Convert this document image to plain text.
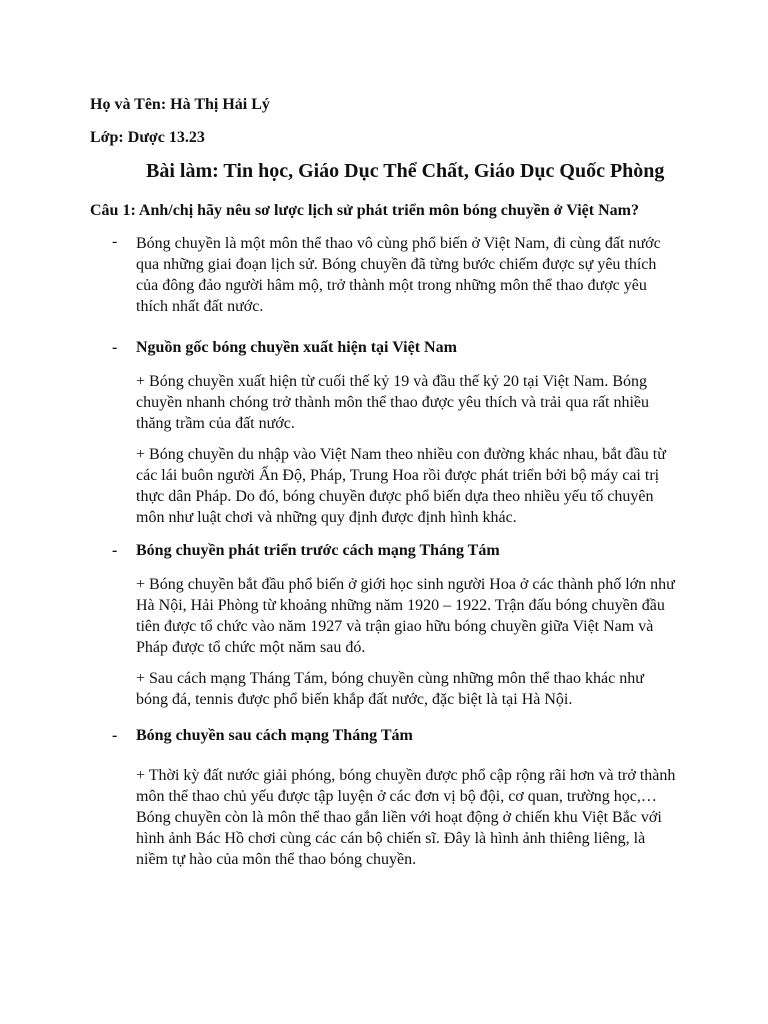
Họ và Tên: Hà Thị Hải Lý
Lớp: Dược 13.23
Bài làm: Tin học, Giáo Dục Thể Chất, Giáo Dục Quốc Phòng
Câu 1: Anh/chị hãy nêu sơ lược lịch sử phát triển môn bóng chuyền ở Việt Nam?
- Bóng chuyền là một môn thể thao vô cùng phổ biến ở Việt Nam, đi cùng đất nước qua những giai đoạn lịch sử. Bóng chuyền đã từng bước chiếm được sự yêu thích của đông đảo người hâm mộ, trở thành một trong những môn thể thao được yêu thích nhất đất nước.
- Nguồn gốc bóng chuyền xuất hiện tại Việt Nam
+ Bóng chuyền xuất hiện từ cuối thế kỷ 19 và đầu thế kỷ 20 tại Việt Nam. Bóng chuyền nhanh chóng trở thành môn thể thao được yêu thích và trải qua rất nhiều thăng trầm của đất nước.
+ Bóng chuyền du nhập vào Việt Nam theo nhiều con đường khác nhau, bắt đầu từ các lái buôn người Ấn Độ, Pháp, Trung Hoa rồi được phát triển bởi bộ máy cai trị thực dân Pháp. Do đó, bóng chuyền được phổ biến dựa theo nhiều yếu tố chuyên môn như luật chơi và những quy định được định hình khác.
- Bóng chuyền phát triển trước cách mạng Tháng Tám
+ Bóng chuyền bắt đầu phổ biến ở giới học sinh người Hoa ở các thành phố lớn như Hà Nội, Hải Phòng từ khoảng những năm 1920 – 1922. Trận đấu bóng chuyền đầu tiên được tổ chức vào năm 1927 và trận giao hữu bóng chuyền giữa Việt Nam và Pháp được tổ chức một năm sau đó.
+ Sau cách mạng Tháng Tám, bóng chuyền cùng những môn thể thao khác như bóng đá, tennis được phổ biến khắp đất nước, đặc biệt là tại Hà Nội.
- Bóng chuyền sau cách mạng Tháng Tám
+ Thời kỳ đất nước giải phóng, bóng chuyền được phổ cập rộng rãi hơn và trở thành môn thể thao chủ yếu được tập luyện ở các đơn vị bộ đội, cơ quan, trường học,…Bóng chuyền còn là môn thể thao gắn liền với hoạt động ở chiến khu Việt Bắc với hình ảnh Bác Hồ chơi cùng các cán bộ chiến sĩ. Đây là hình ảnh thiêng liêng, là niềm tự hào của môn thể thao bóng chuyền.
